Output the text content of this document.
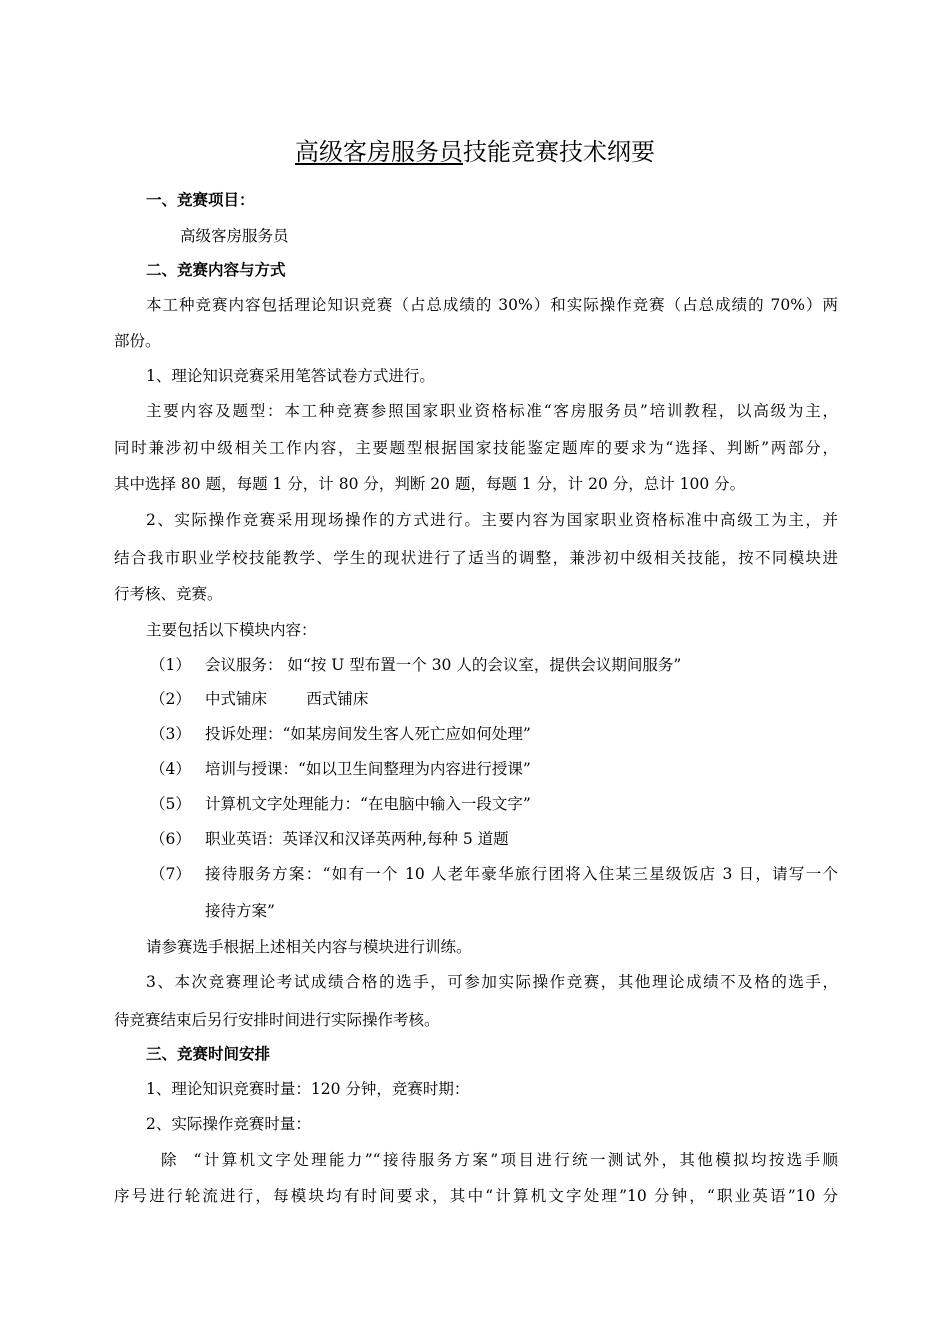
高级客房服务员技能竞赛技术纲要
一、竞赛项目：
高级客房服务员
二、竞赛内容与方式
本工种竞赛内容包括理论知识竞赛（占总成绩的 30%）和实际操作竞赛（占总成绩的 70%）两
部份。
1、理论知识竞赛采用笔答试卷方式进行。
主要内容及题型：本工种竞赛参照国家职业资格标准“客房服务员”培训教程，以高级为主，
同时兼涉初中级相关工作内容，主要题型根据国家技能鉴定题库的要求为“选择、判断”两部分，
其中选择 80 题，每题 1 分，计 80 分，判断 20 题，每题 1 分，计 20 分，总计 100 分。
2、实际操作竞赛采用现场操作的方式进行。主要内容为国家职业资格标准中高级工为主，并
结合我市职业学校技能教学、学生的现状进行了适当的调整，兼涉初中级相关技能，按不同模块进
行考核、竞赛。
主要包括以下模块内容：
（1） 会议服务： 如“按 U 型布置一个 30 人的会议室，提供会议期间服务”
（2） 中式铺床        西式铺床
（3） 投诉处理：“如某房间发生客人死亡应如何处理”
（4） 培训与授课：“如以卫生间整理为内容进行授课”
（5） 计算机文字处理能力：“在电脑中输入一段文字”
（6） 职业英语：英译汉和汉译英两种,每种 5 道题
（7） 接待服务方案：“如有一个 10 人老年豪华旅行团将入住某三星级饭店 3 日，请写一个
接待方案”
请参赛选手根据上述相关内容与模块进行训练。
3、本次竞赛理论考试成绩合格的选手，可参加实际操作竞赛，其他理论成绩不及格的选手，
待竞赛结束后另行安排时间进行实际操作考核。
三、竞赛时间安排
1、理论知识竞赛时量：120 分钟，竞赛时期：
2、实际操作竞赛时量：
除  “计算机文字处理能力”“接待服务方案”项目进行统一测试外，其他模拟均按选手顺
序号进行轮流进行，每模块均有时间要求，其中“计算机文字处理”10 分钟，“职业英语”10 分
